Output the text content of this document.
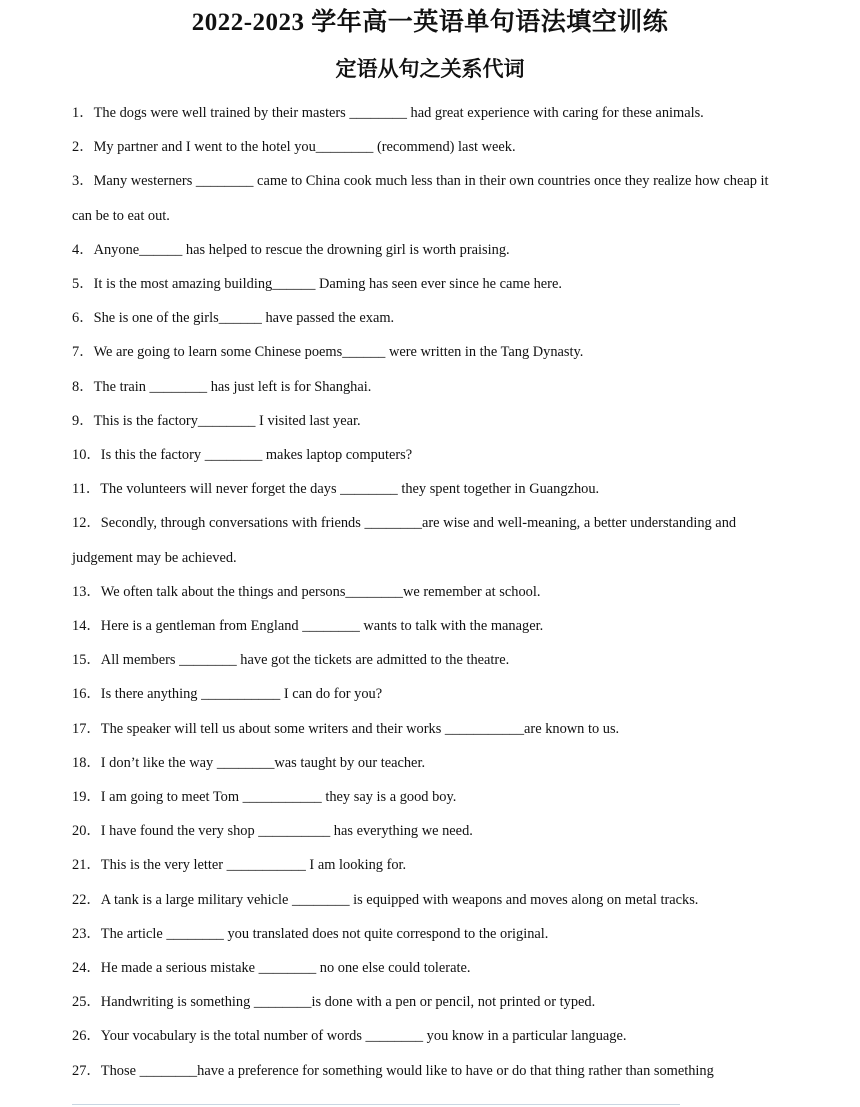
2022-2023 学年高一英语单句语法填空训练
定语从句之关系代词

1．The dogs were well trained by their masters ________ had great experience with caring for these animals.

2．My partner and I went to the hotel you________ (recommend) last week.

3．Many westerners ________ came to China cook much less than in their own countries once they realize how cheap it can be to eat out.

4．Anyone______ has helped to rescue the drowning girl is worth praising.

5．It is the most amazing building______ Daming has seen ever since he came here.

6．She is one of the girls______ have passed the exam.

7．We are going to learn some Chinese poems______ were written in the Tang Dynasty.

8．The train ________ has just left is for Shanghai.

9．This is the factory________ I visited last year.

10．Is this the factory ________ makes laptop computers?

11．The volunteers will never forget the days ________ they spent together in Guangzhou.

12．Secondly, through conversations with friends ________are wise and well-meaning, a better understanding and judgement may be achieved.

13．We often talk about the things and persons________we remember at school.

14．Here is a gentleman from England ________ wants to talk with the manager.

15．All members ________ have got the tickets are admitted to the theatre.

16．Is there anything ___________ I can do for you?

17．The speaker will tell us about some writers and their works ___________are known to us.

18．I don’t like the way ________was taught by our teacher.

19．I am going to meet Tom ___________ they say is a good boy.

20．I have found the very shop __________ has everything we need.

21．This is the very letter ___________ I am looking for.

22．A tank is a large military vehicle ________ is equipped with weapons and moves along on metal tracks.

23．The article ________ you translated does not quite correspond to the original.

24．He made a serious mistake ________ no one else could tolerate.

25．Handwriting is something ________is done with a pen or pencil, not printed or typed.

26．Your vocabulary is the total number of words ________ you know in a particular language.

27．Those ________have a preference for something would like to have or do that thing rather than something
